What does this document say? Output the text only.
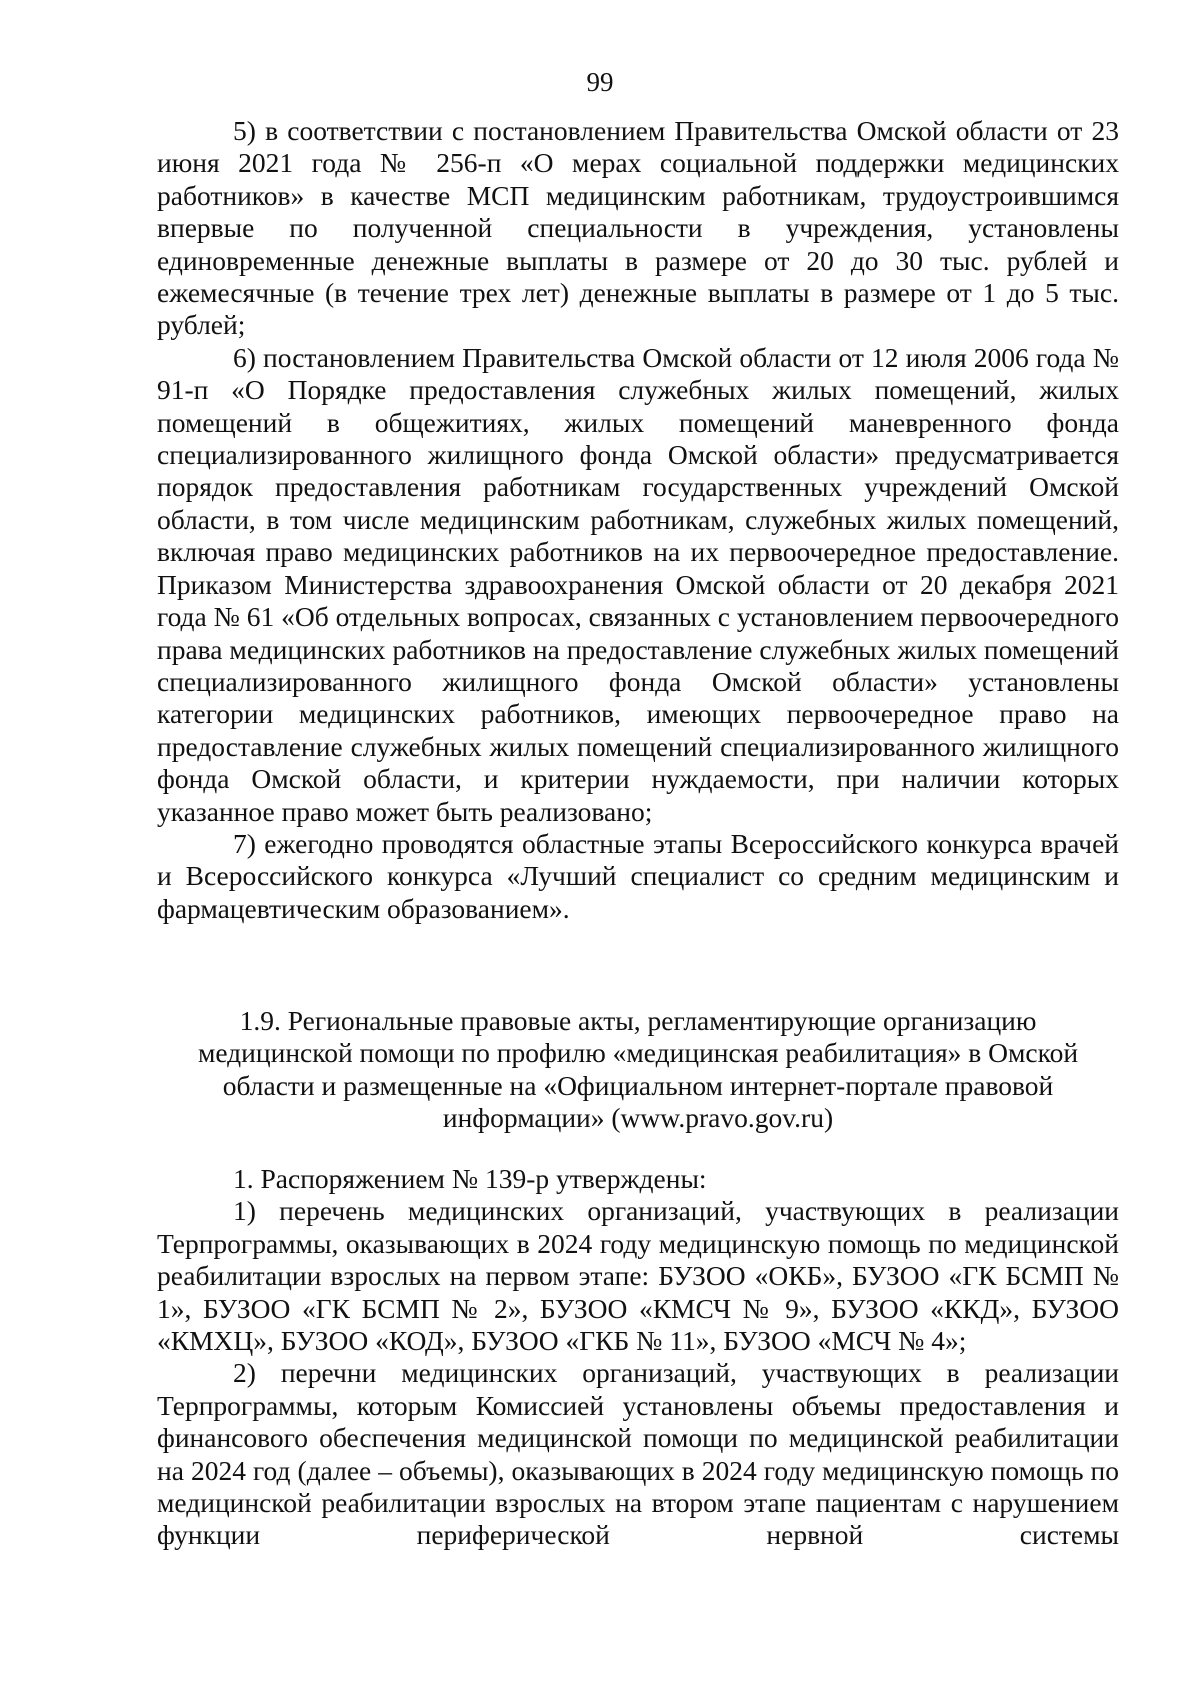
99

5) в соответствии с постановлением Правительства Омской области от 23 июня 2021 года № 256-п «О мерах социальной поддержки медицинских работников» в качестве МСП медицинским работникам, трудоустроившимся впервые по полученной специальности в учреждения, установлены единовременные денежные выплаты в размере от 20 до 30 тыс. рублей и ежемесячные (в течение трех лет) денежные выплаты в размере от 1 до 5 тыс. рублей;

6) постановлением Правительства Омской области от 12 июля 2006 года № 91-п «О Порядке предоставления служебных жилых помещений, жилых помещений в общежитиях, жилых помещений маневренного фонда специализированного жилищного фонда Омской области» предусматривается порядок предоставления работникам государственных учреждений Омской области, в том числе медицинским работникам, служебных жилых помещений, включая право медицинских работников на их первоочередное предоставление. Приказом Министерства здравоохранения Омской области от 20 декабря 2021 года № 61 «Об отдельных вопросах, связанных с установлением первоочередного права медицинских работников на предоставление служебных жилых помещений специализированного жилищного фонда Омской области» установлены категории медицинских работников, имеющих первоочередное право на предоставление служебных жилых помещений специализированного жилищного фонда Омской области, и критерии нуждаемости, при наличии которых указанное право может быть реализовано;

7) ежегодно проводятся областные этапы Всероссийского конкурса врачей и Всероссийского конкурса «Лучший специалист со средним медицинским и фармацевтическим образованием».

1.9. Региональные правовые акты, регламентирующие организацию медицинской помощи по профилю «медицинская реабилитация» в Омской области и размещенные на «Официальном интернет-портале правовой информации» (www.pravo.gov.ru)

1. Распоряжением № 139-р утверждены:

1) перечень медицинских организаций, участвующих в реализации Терпрограммы, оказывающих в 2024 году медицинскую помощь по медицинской реабилитации взрослых на первом этапе: БУЗОО «ОКБ», БУЗОО «ГК БСМП № 1», БУЗОО «ГК БСМП № 2», БУЗОО «КМСЧ № 9», БУЗОО «ККД», БУЗОО «КМХЦ», БУЗОО «КОД», БУЗОО «ГКБ № 11», БУЗОО «МСЧ № 4»;

2) перечни медицинских организаций, участвующих в реализации Терпрограммы, которым Комиссией установлены объемы предоставления и финансового обеспечения медицинской помощи по медицинской реабилитации на 2024 год (далее – объемы), оказывающих в 2024 году медицинскую помощь по медицинской реабилитации взрослых на втором этапе пациентам с нарушением функции периферической нервной системы
